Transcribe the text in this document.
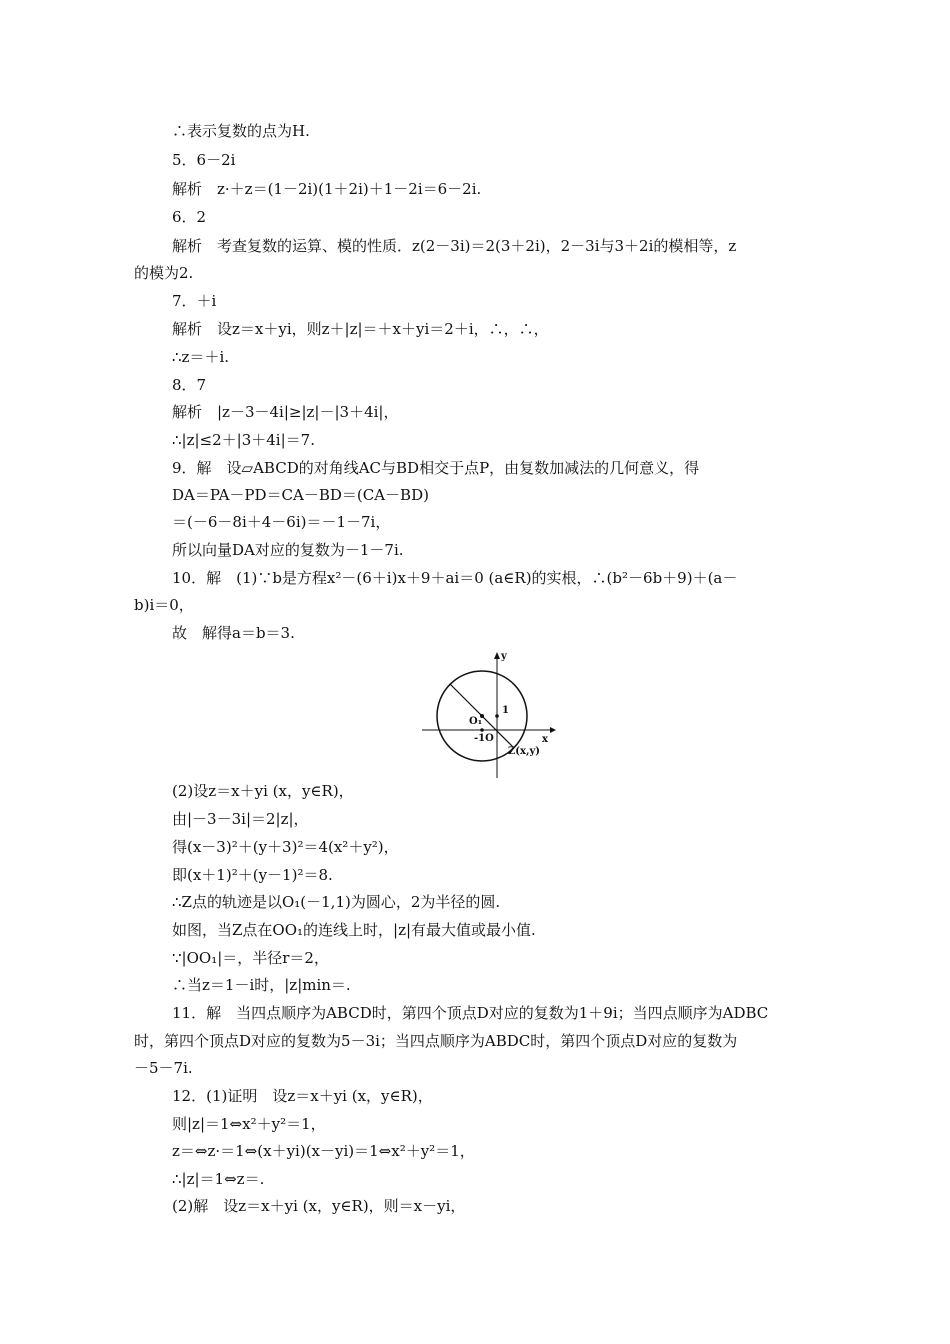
∴表示复数的点为H.
5．6－2i
解析　z·＋z＝(1－2i)(1＋2i)＋1－2i＝6－2i.
6．2
解析　考查复数的运算、模的性质．z(2－3i)＝2(3＋2i)，2－3i与3＋2i的模相等，z
的模为2.
7．＋i
解析　设z＝x＋yi，则z＋|z|＝＋x＋yi＝2＋i，∴，∴，
∴z＝＋i.
8．7
解析　|z－3－4i|≥|z|－|3＋4i|，
∴|z|≤2＋|3＋4i|＝7.
9．解　设▱ABCD的对角线AC与BD相交于点P，由复数加减法的几何意义，得
DA＝PA－PD＝CA－BD＝(CA－BD)
＝(－6－8i＋4－6i)＝－1－7i，
所以向量DA对应的复数为－1－7i.
10．解　(1)∵b是方程x²－(6＋i)x＋9＋ai＝0 (a∈R)的实根，∴(b²－6b＋9)＋(a－
b)i＝0，
故　解得a＝b＝3.
y
x
O₁
1
-1O
Z(x,y)
(2)设z＝x＋yi (x，y∈R)，
由|－3－3i|＝2|z|，
得(x－3)²＋(y＋3)²＝4(x²＋y²)，
即(x＋1)²＋(y－1)²＝8.
∴Z点的轨迹是以O₁(－1,1)为圆心，2为半径的圆.
如图，当Z点在OO₁的连线上时，|z|有最大值或最小值.
∵|OO₁|＝，半径r＝2，
∴当z＝1－i时，|z|min＝.
11．解　当四点顺序为ABCD时，第四个顶点D对应的复数为1＋9i；当四点顺序为ADBC
时，第四个顶点D对应的复数为5－3i；当四点顺序为ABDC时，第四个顶点D对应的复数为
－5－7i.
12．(1)证明　设z＝x＋yi (x，y∈R)，
则|z|＝1⇔x²＋y²＝1，
z＝⇔z·＝1⇔(x＋yi)(x－yi)＝1⇔x²＋y²＝1，
∴|z|＝1⇔z＝.
(2)解　设z＝x＋yi (x，y∈R)，则＝x－yi，
